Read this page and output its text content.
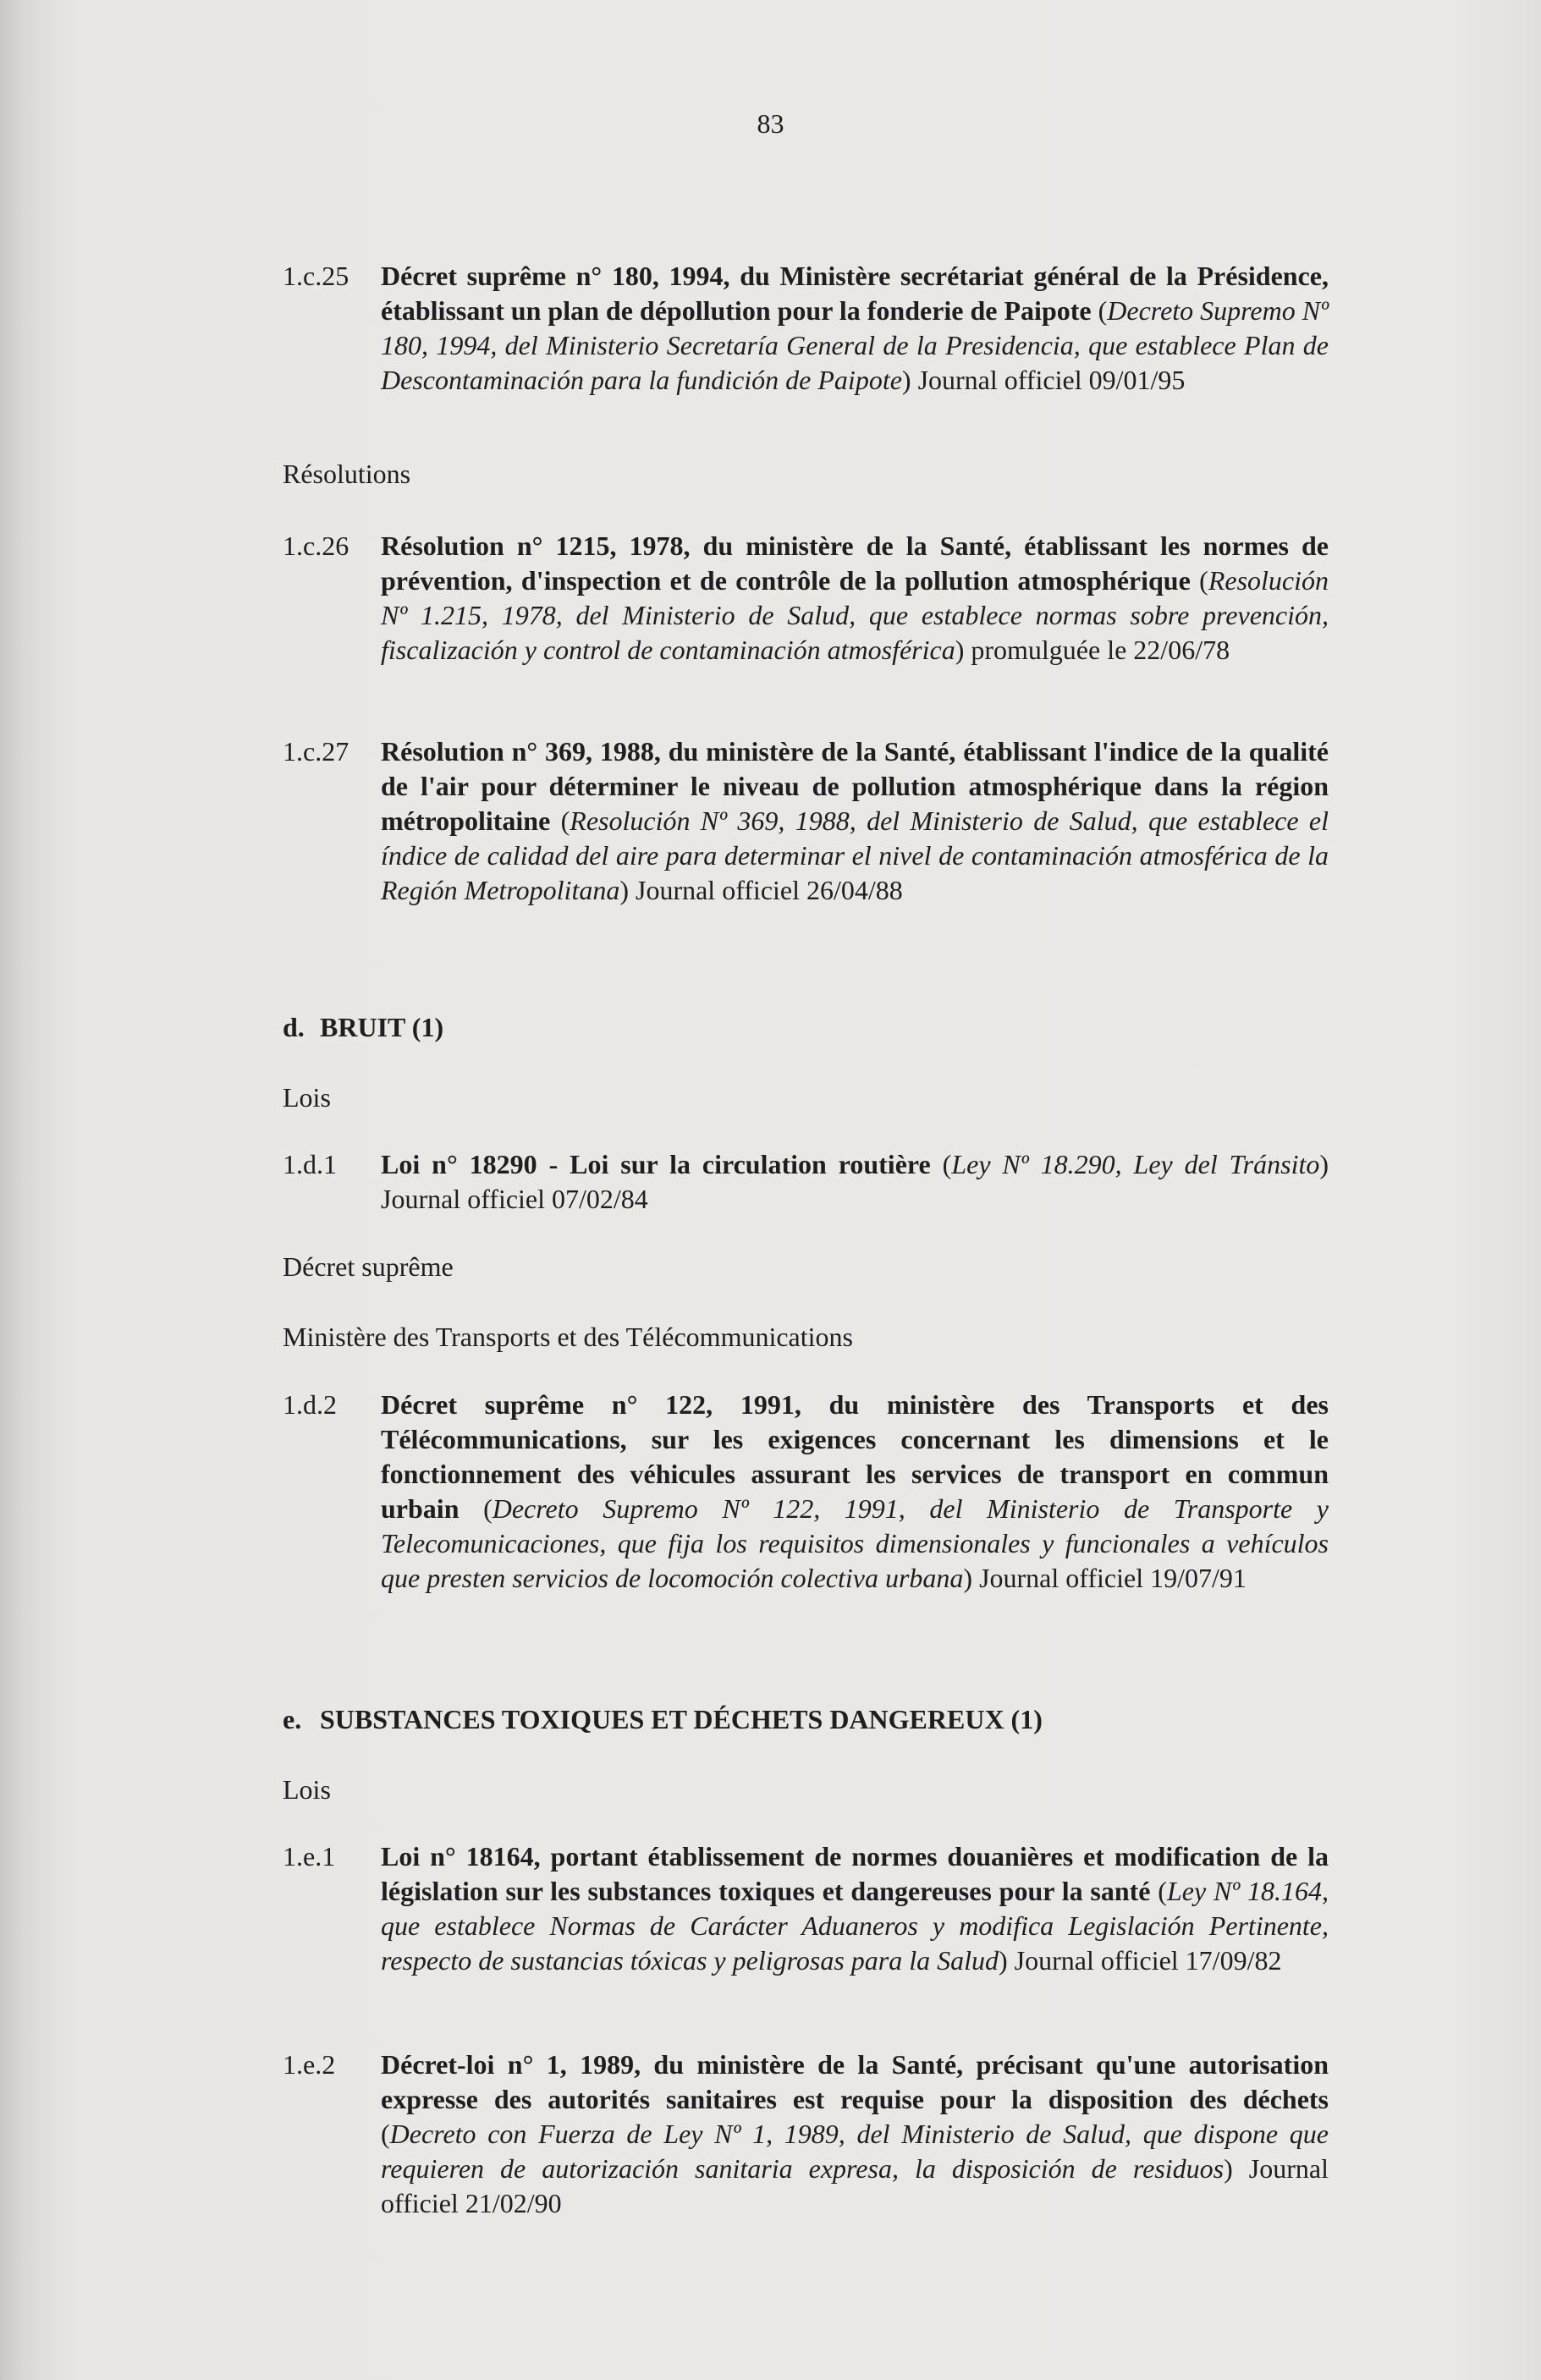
83
1.c.25 Décret suprême n° 180, 1994, du Ministère secrétariat général de la Présidence, établissant un plan de dépollution pour la fonderie de Paipote (Decreto Supremo Nº 180, 1994, del Ministerio Secretaría General de la Presidencia, que establece Plan de Descontaminación para la fundición de Paipote) Journal officiel 09/01/95
Résolutions
1.c.26 Résolution n° 1215, 1978, du ministère de la Santé, établissant les normes de prévention, d'inspection et de contrôle de la pollution atmosphérique (Resolución Nº 1.215, 1978, del Ministerio de Salud, que establece normas sobre prevención, fiscalización y control de contaminación atmosférica) promulguée le 22/06/78
1.c.27 Résolution n° 369, 1988, du ministère de la Santé, établissant l'indice de la qualité de l'air pour déterminer le niveau de pollution atmosphérique dans la région métropolitaine (Resolución Nº 369, 1988, del Ministerio de Salud, que establece el índice de calidad del aire para determinar el nivel de contaminación atmosférica de la Región Metropolitana) Journal officiel 26/04/88
d. BRUIT (1)
Lois
1.d.1 Loi n° 18290 - Loi sur la circulation routière (Ley Nº 18.290, Ley del Tránsito) Journal officiel 07/02/84
Décret suprême
Ministère des Transports et des Télécommunications
1.d.2 Décret suprême n° 122, 1991, du ministère des Transports et des Télécommunications, sur les exigences concernant les dimensions et le fonctionnement des véhicules assurant les services de transport en commun urbain (Decreto Supremo Nº 122, 1991, del Ministerio de Transporte y Telecomunicaciones, que fija los requisitos dimensionales y funcionales a vehículos que presten servicios de locomoción colectiva urbana) Journal officiel 19/07/91
e. SUBSTANCES TOXIQUES ET DÉCHETS DANGEREUX (1)
Lois
1.e.1 Loi n° 18164, portant établissement de normes douanières et modification de la législation sur les substances toxiques et dangereuses pour la santé (Ley Nº 18.164, que establece Normas de Carácter Aduaneros y modifica Legislación Pertinente, respecto de sustancias tóxicas y peligrosas para la Salud) Journal officiel 17/09/82
1.e.2 Décret-loi n° 1, 1989, du ministère de la Santé, précisant qu'une autorisation expresse des autorités sanitaires est requise pour la disposition des déchets (Decreto con Fuerza de Ley Nº 1, 1989, del Ministerio de Salud, que dispone que requieren de autorización sanitaria expresa, la disposición de residuos) Journal officiel 21/02/90
